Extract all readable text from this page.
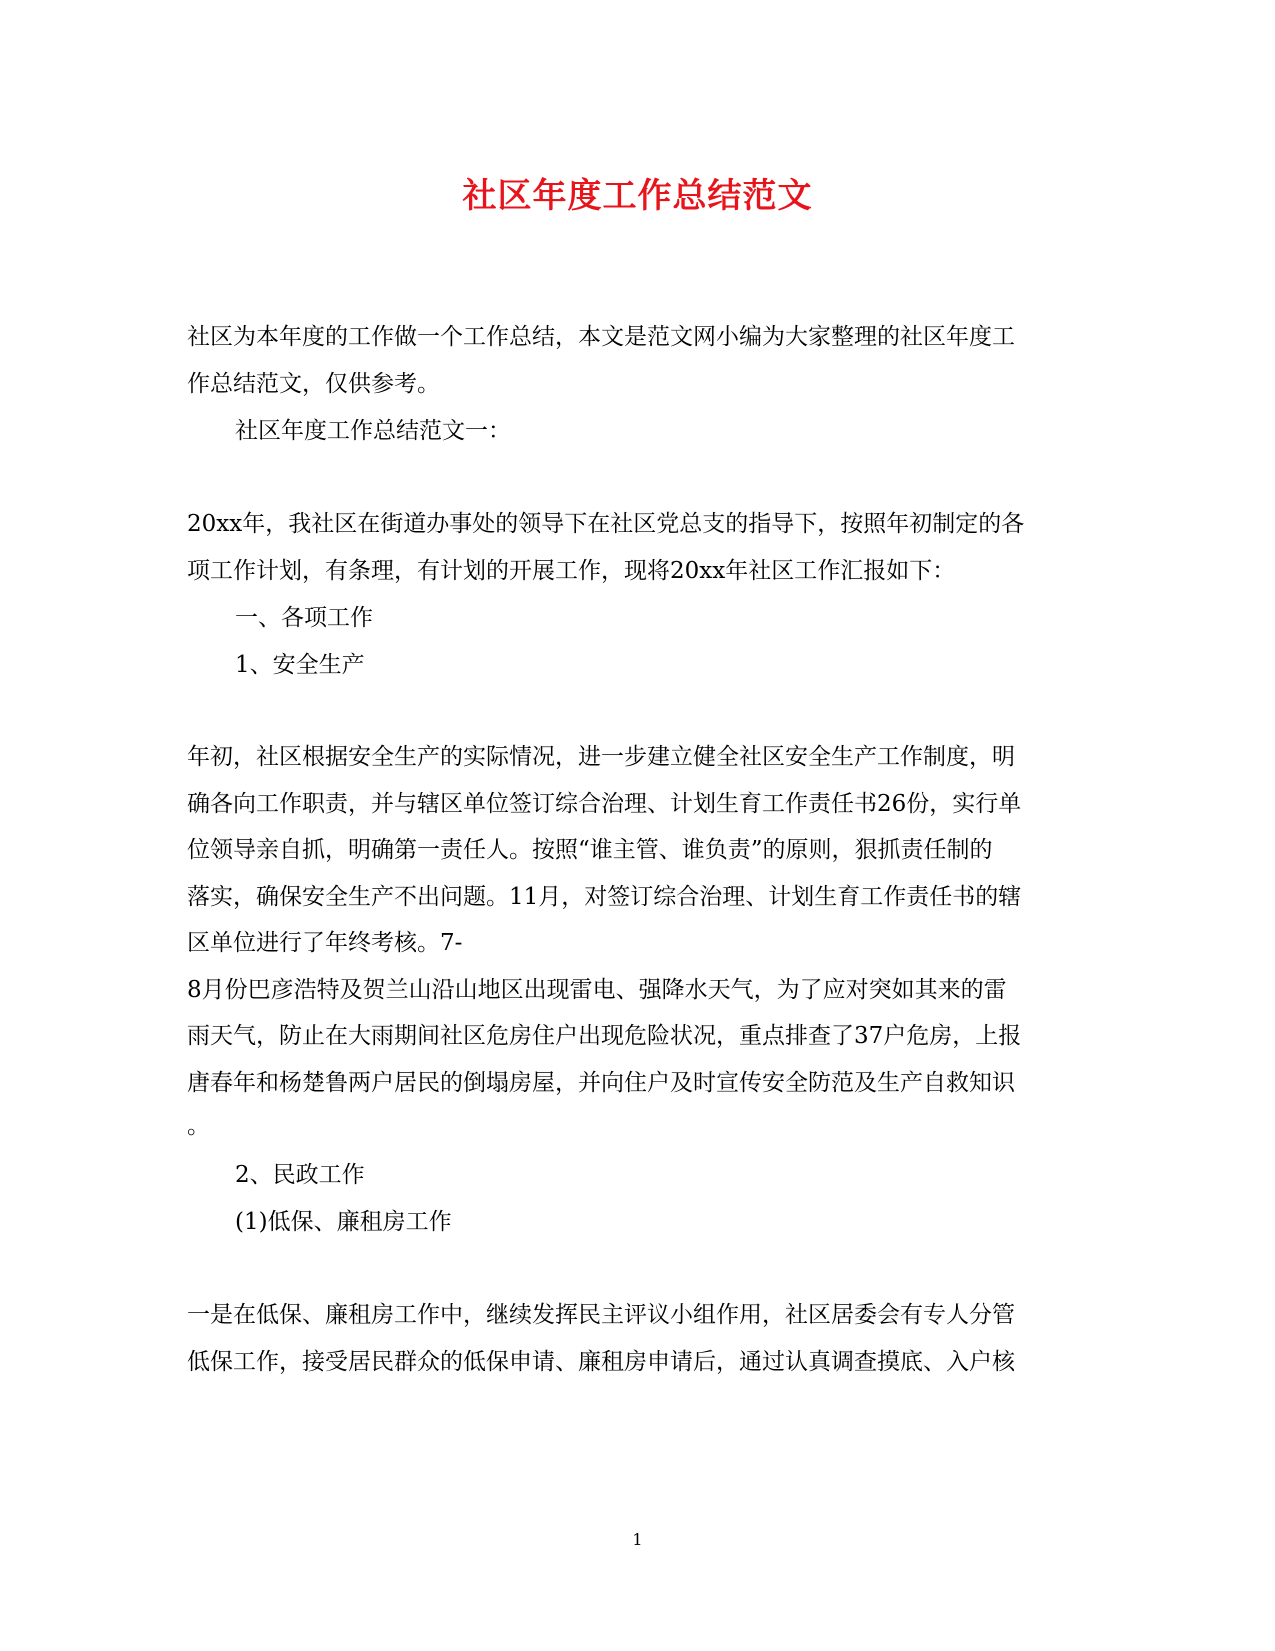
社区年度工作总结范文
社区为本年度的工作做一个工作总结，本文是范文网小编为大家整理的社区年度工
作总结范文，仅供参考。
社区年度工作总结范文一：
20xx年，我社区在街道办事处的领导下在社区党总支的指导下，按照年初制定的各
项工作计划，有条理，有计划的开展工作，现将20xx年社区工作汇报如下：
一、各项工作
1、安全生产
年初，社区根据安全生产的实际情况，进一步建立健全社区安全生产工作制度，明
确各向工作职责，并与辖区单位签订综合治理、计划生育工作责任书26份，实行单
位领导亲自抓，明确第一责任人。按照“谁主管、谁负责”的原则，狠抓责任制的
落实，确保安全生产不出问题。11月，对签订综合治理、计划生育工作责任书的辖
区单位进行了年终考核。7-
8月份巴彦浩特及贺兰山沿山地区出现雷电、强降水天气，为了应对突如其来的雷
雨天气，防止在大雨期间社区危房住户出现危险状况，重点排查了37户危房，上报
唐春年和杨楚鲁两户居民的倒塌房屋，并向住户及时宣传安全防范及生产自救知识
。
2、民政工作
(1)低保、廉租房工作
一是在低保、廉租房工作中，继续发挥民主评议小组作用，社区居委会有专人分管
低保工作，接受居民群众的低保申请、廉租房申请后，通过认真调查摸底、入户核
1
